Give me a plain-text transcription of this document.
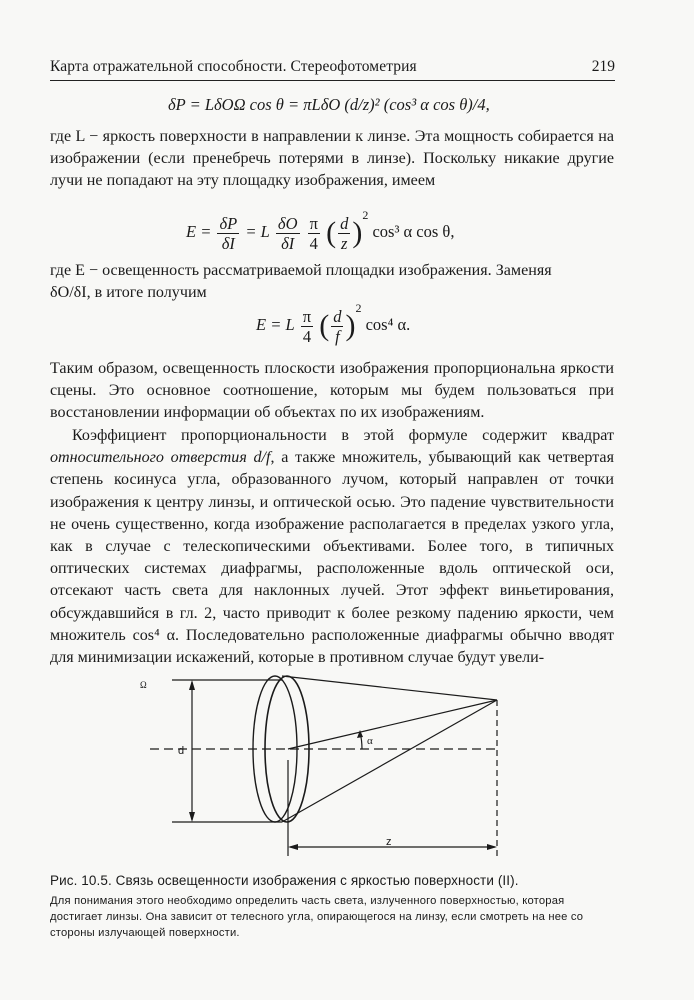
Карта отражательной способности. Стереофотометрия	219
δP = LδOΩ cos θ = πLδO (d/z)² (cos³ α cos θ)/4,
где L − яркость поверхности в направлении к линзе. Эта мощность собирается на изображении (если пренебречь потерями в линзе). Поскольку никакие другие лучи не попадают на эту площадку изображения, имеем
$E = \frac{\delta P}{\delta I} = L \frac{\delta O}{\delta I}$
$\frac{\pi}{4}$ ( $\frac{d}{z} )^2$ cos³ α cos θ,
где E − освещенность рассматриваемой площадки изображения. Заменяя
δO/δI, в итоге получим
E = L $\frac{\pi}{4}$ ( $\frac{d}{f} )^2$ cos⁴ α.
Таким образом, освещенность плоскости изображения пропорциональна яркости сцены. Это основное соотношение, которым мы будем пользоваться при восстановлении информации об объектах по их изображениям.
Коэффициент пропорциональности в этой формуле содержит квадрат относительного отверстия d/f, а также множитель, убывающий как четвертая степень косинуса угла, образованного лучом, который направлен от точки изображения к центру линзы, и оптической осью. Это падение чувствительности не очень существенно, когда изображение располагается в пределах узкого угла, как в случае с телескопическими объективами. Более того, в типичных оптических системах диафрагмы, расположенные вдоль оптической оси, отсекают часть света для наклонных лучей. Этот эффект виньетирования, обсуждавшийся в гл. 2, часто приводит к более резкому падению яркости, чем множитель cos⁴ α. Последовательно расположенные диафрагмы обычно вводят для минимизации искажений, которые в противном случае будут увели-
d
z
α
Ω
Рис. 10.5. Связь освещенности изображения с яркостью поверхности (II).
Для понимания этого необходимо определить часть света, излученного поверхностью, которая достигает линзы. Она зависит от телесного угла, опирающегося на линзу, если смотреть на нее со стороны излучающей поверхности.
